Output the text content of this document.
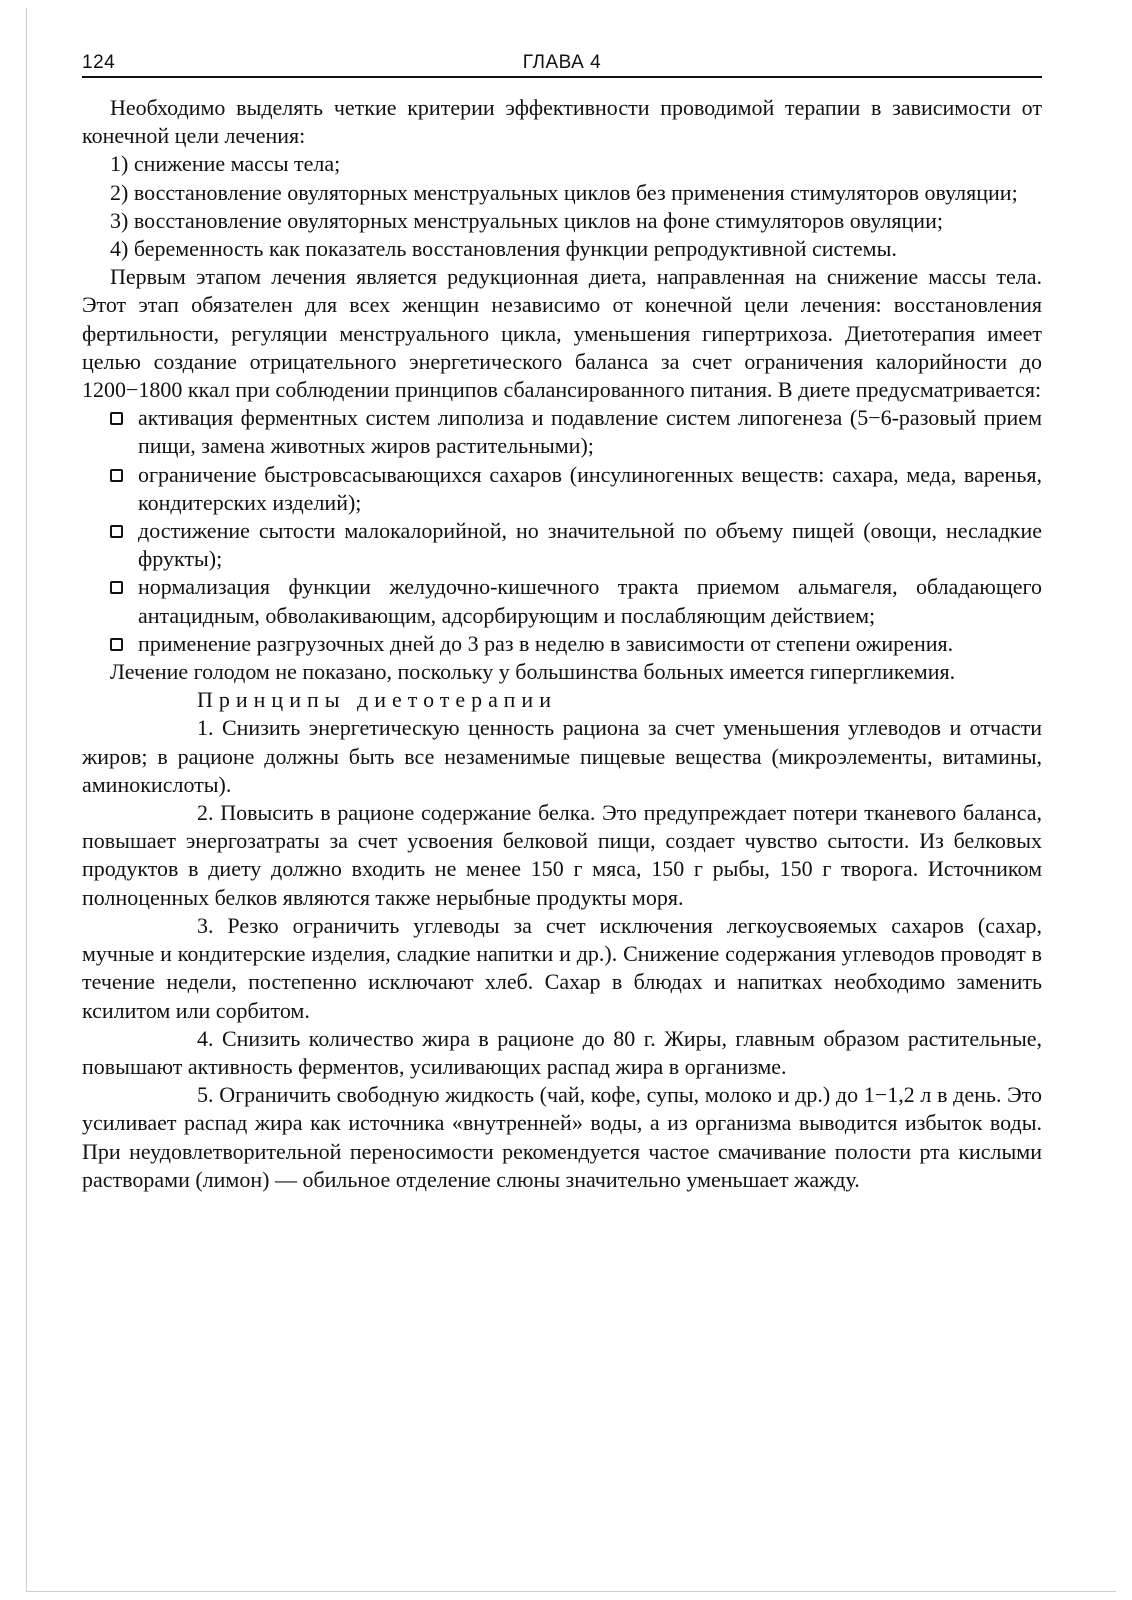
124	ГЛАВА 4

Необходимо выделять четкие критерии эффективности проводимой терапии в зависимости от конечной цели лечения:

1) снижение массы тела;

2) восстановление овуляторных менструальных циклов без применения стимуляторов овуляции;

3) восстановление овуляторных менструальных циклов на фоне стимуляторов овуляции;

4) беременность как показатель восстановления функции репродуктивной системы.

Первым этапом лечения является редукционная диета, направленная на снижение массы тела. Этот этап обязателен для всех женщин независимо от конечной цели лечения: восстановления фертильности, регуляции менструального цикла, уменьшения гипертрихоза. Диетотерапия имеет целью создание отрицательного энергетического баланса за счет ограничения калорийности до 1200−1800 ккал при соблюдении принципов сбалансированного питания. В диете предусматривается:

активация ферментных систем липолиза и подавление систем липогенеза (5−6-разовый прием пищи, замена животных жиров растительными);
ограничение быстровсасывающихся сахаров (инсулиногенных веществ: сахара, меда, варенья, кондитерских изделий);
достижение сытости малокалорийной, но значительной по объему пищей (овощи, несладкие фрукты);
нормализация функции желудочно-кишечного тракта приемом альмагеля, обладающего антацидным, обволакивающим, адсорбирующим и послабляющим действием;
применение разгрузочных дней до 3 раз в неделю в зависимости от степени ожирения.

Лечение голодом не показано, поскольку у большинства больных имеется гипергликемия.

Принципы диетотерапии

1. Снизить энергетическую ценность рациона за счет уменьшения углеводов и отчасти жиров; в рационе должны быть все незаменимые пищевые вещества (микроэлементы, витамины, аминокислоты).

2. Повысить в рационе содержание белка. Это предупреждает потери тканевого баланса, повышает энергозатраты за счет усвоения белковой пищи, создает чувство сытости. Из белковых продуктов в диету должно входить не менее 150 г мяса, 150 г рыбы, 150 г творога. Источником полноценных белков являются также нерыбные продукты моря.

3. Резко ограничить углеводы за счет исключения легкоусвояемых сахаров (сахар, мучные и кондитерские изделия, сладкие напитки и др.). Снижение содержания углеводов проводят в течение недели, постепенно исключают хлеб. Сахар в блюдах и напитках необходимо заменить ксилитом или сорбитом.

4. Снизить количество жира в рационе до 80 г. Жиры, главным образом растительные, повышают активность ферментов, усиливающих распад жира в организме.

5. Ограничить свободную жидкость (чай, кофе, супы, молоко и др.) до 1−1,2 л в день. Это усиливает распад жира как источника «внутренней» воды, а из организма выводится избыток воды. При неудовлетворительной переносимости рекомендуется частое смачивание полости рта кислыми растворами (лимон) — обильное отделение слюны значительно уменьшает жажду.
